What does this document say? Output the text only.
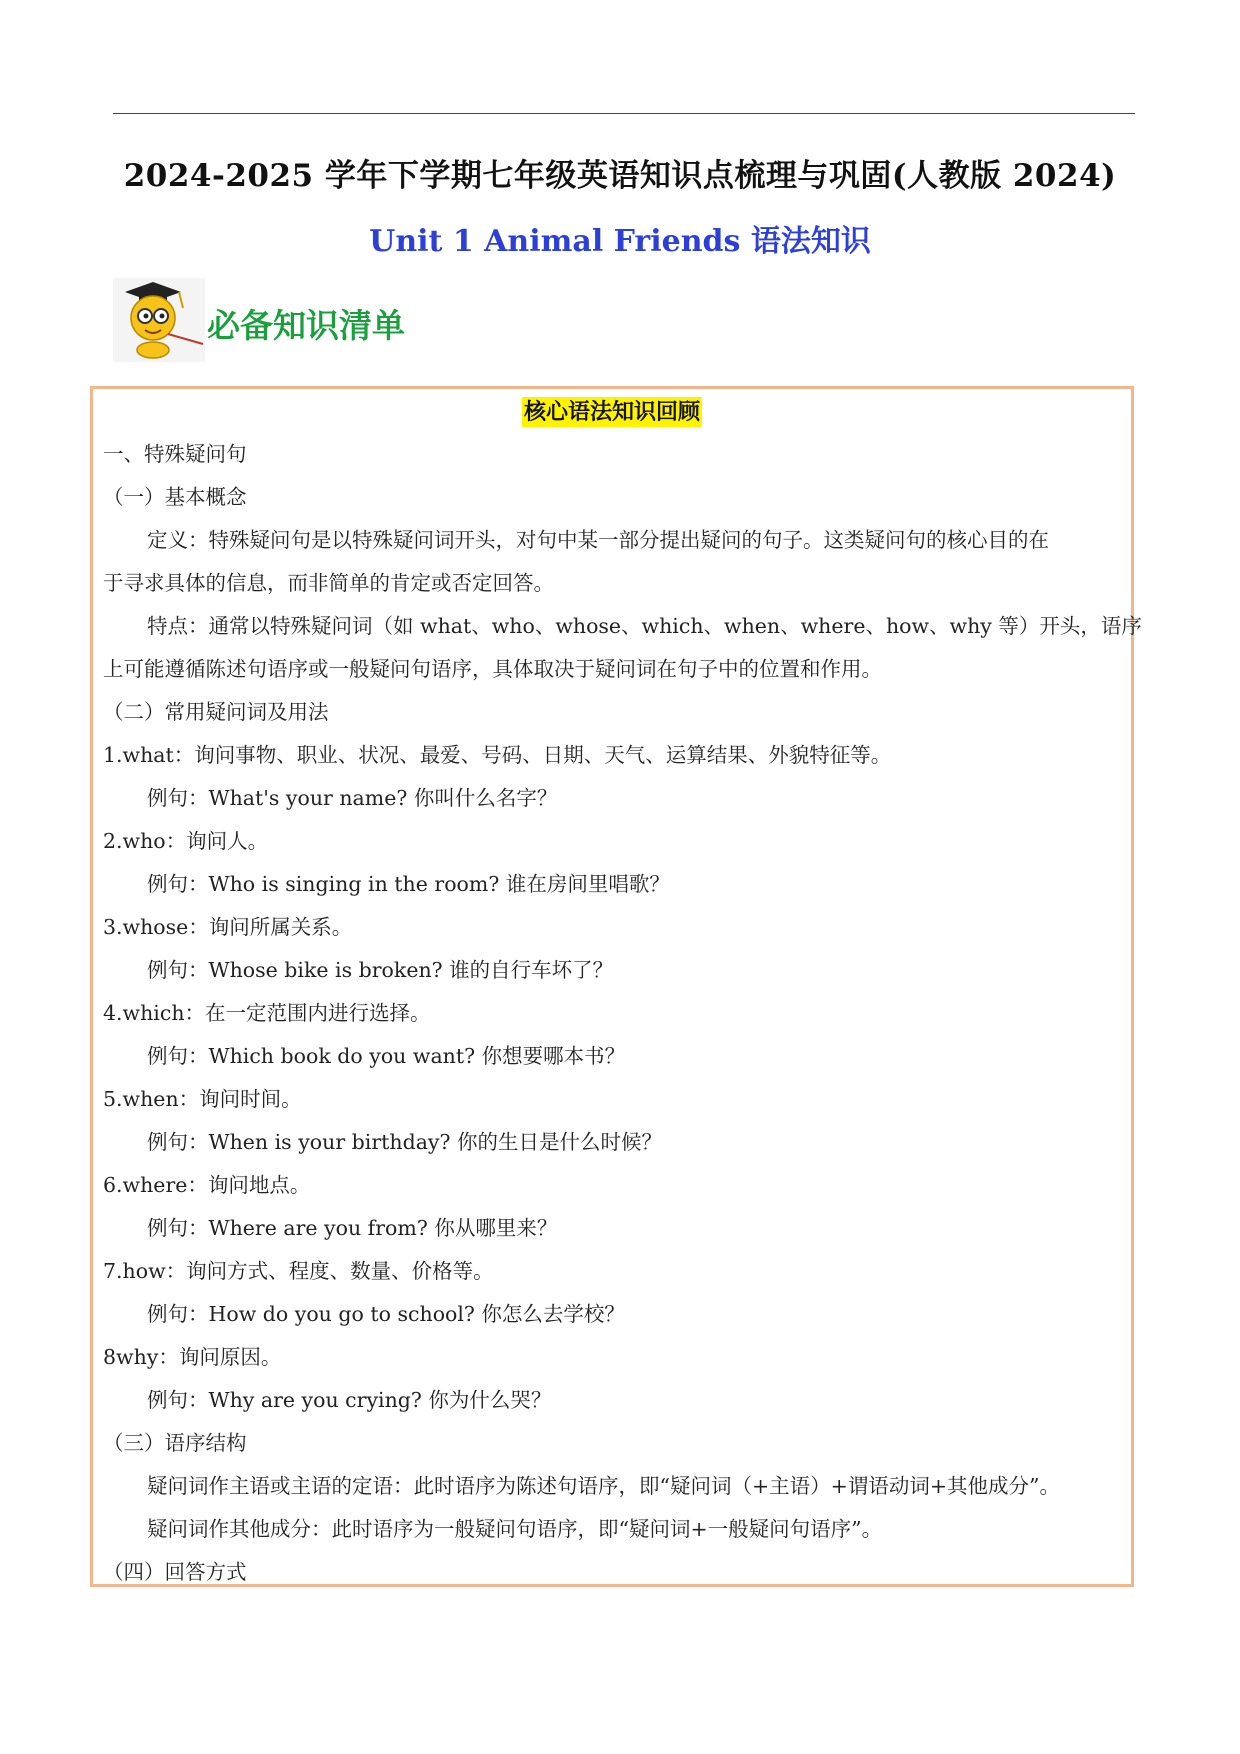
2024-2025 学年下学期七年级英语知识点梳理与巩固(人教版 2024)
Unit 1 Animal Friends 语法知识
必备知识清单
核心语法知识回顾
一、特殊疑问句
（一）基本概念
定义：特殊疑问句是以特殊疑问词开头，对句中某一部分提出疑问的句子。这类疑问句的核心目的在
于寻求具体的信息，而非简单的肯定或否定回答。
特点：通常以特殊疑问词（如 what、who、whose、which、when、where、how、why 等）开头，语序
上可能遵循陈述句语序或一般疑问句语序，具体取决于疑问词在句子中的位置和作用。
（二）常用疑问词及用法
1.what：询问事物、职业、状况、最爱、号码、日期、天气、运算结果、外貌特征等。
例句：What's your name? 你叫什么名字？
2.who：询问人。
例句：Who is singing in the room? 谁在房间里唱歌？
3.whose：询问所属关系。
例句：Whose bike is broken? 谁的自行车坏了？
4.which：在一定范围内进行选择。
例句：Which book do you want? 你想要哪本书？
5.when：询问时间。
例句：When is your birthday? 你的生日是什么时候？
6.where：询问地点。
例句：Where are you from? 你从哪里来？
7.how：询问方式、程度、数量、价格等。
例句：How do you go to school? 你怎么去学校？
8why：询问原因。
例句：Why are you crying? 你为什么哭？
（三）语序结构
疑问词作主语或主语的定语：此时语序为陈述句语序，即“疑问词（+主语）+谓语动词+其他成分”。
疑问词作其他成分：此时语序为一般疑问句语序，即“疑问词+一般疑问句语序”。
（四）回答方式
